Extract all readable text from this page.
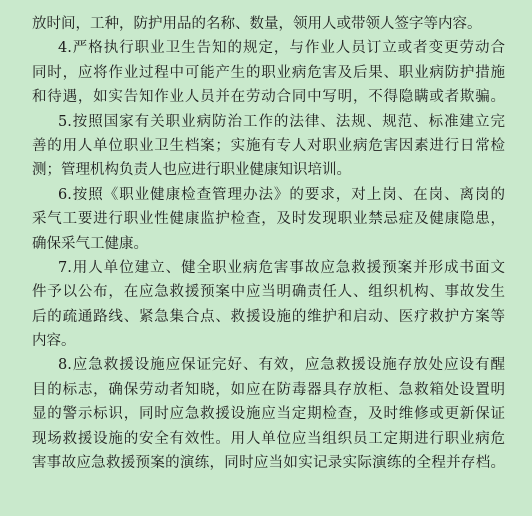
放时间，工种，防护用品的名称、数量，领用人或带领人签字等内容。
4.严格执行职业卫生告知的规定，与作业人员订立或者变更劳动合
同时，应将作业过程中可能产生的职业病危害及后果、职业病防护措施
和待遇，如实告知作业人员并在劳动合同中写明，不得隐瞒或者欺骗。
5.按照国家有关职业病防治工作的法律、法规、规范、标准建立完
善的用人单位职业卫生档案；实施有专人对职业病危害因素进行日常检
测；管理机构负责人也应进行职业健康知识培训。
6.按照《职业健康检查管理办法》的要求，对上岗、在岗、离岗的
采气工要进行职业性健康监护检查，及时发现职业禁忌症及健康隐患，
确保采气工健康。
7.用人单位建立、健全职业病危害事故应急救援预案并形成书面文
件予以公布，在应急救援预案中应当明确责任人、组织机构、事故发生
后的疏通路线、紧急集合点、救援设施的维护和启动、医疗救护方案等
内容。
8.应急救援设施应保证完好、有效，应急救援设施存放处应设有醒
目的标志，确保劳动者知晓，如应在防毒器具存放柜、急救箱处设置明
显的警示标识，同时应急救援设施应当定期检查，及时维修或更新保证
现场救援设施的安全有效性。用人单位应当组织员工定期进行职业病危
害事故应急救援预案的演练，同时应当如实记录实际演练的全程并存档。
